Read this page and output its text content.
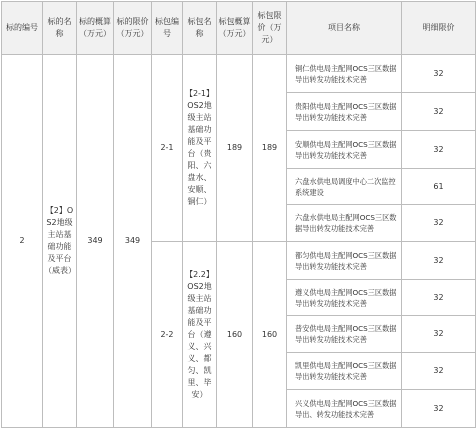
标的编号	标的名称	标的概算（万元）	标的限价（万元）	标包编号	标包名称	标包概算（万元）	标包限价（万元）	项目名称	明细限价
2	【2】OS2地级主站基础功能及平台（威表）	349	349	2-1	【2-1】OS2地级主站基础功能及平台（贵阳、六盘水、安顺、铜仁）	189	189	铜仁供电局主配网OCS三区数据导出转发功能技术完善	32
								贵阳供电局主配网OCS三区数据导出转发功能技术完善	32
								安顺供电局主配网OCS三区数据导出转发功能技术完善	32
								六盘水供电局调度中心二次监控系统建设	61
								六盘水供电局主配网OCS三区数据导出转发功能技术完善	32
				2-2	【2.2】OS2地级主站基础功能及平台（遵义、兴义、都匀、凯里、毕安）	160	160	都匀供电局主配网OCS三区数据导出转发功能技术完善	32
								遵义供电局主配网OCS三区数据导出转发功能技术完善	32
								普安供电局主配网OCS三区数据导出转发功能技术完善	32
								凯里供电局主配网OCS三区数据导出转发功能技术完善	32
								兴义供电局主配网OCS三区数据导出、转发功能技术完善	32
